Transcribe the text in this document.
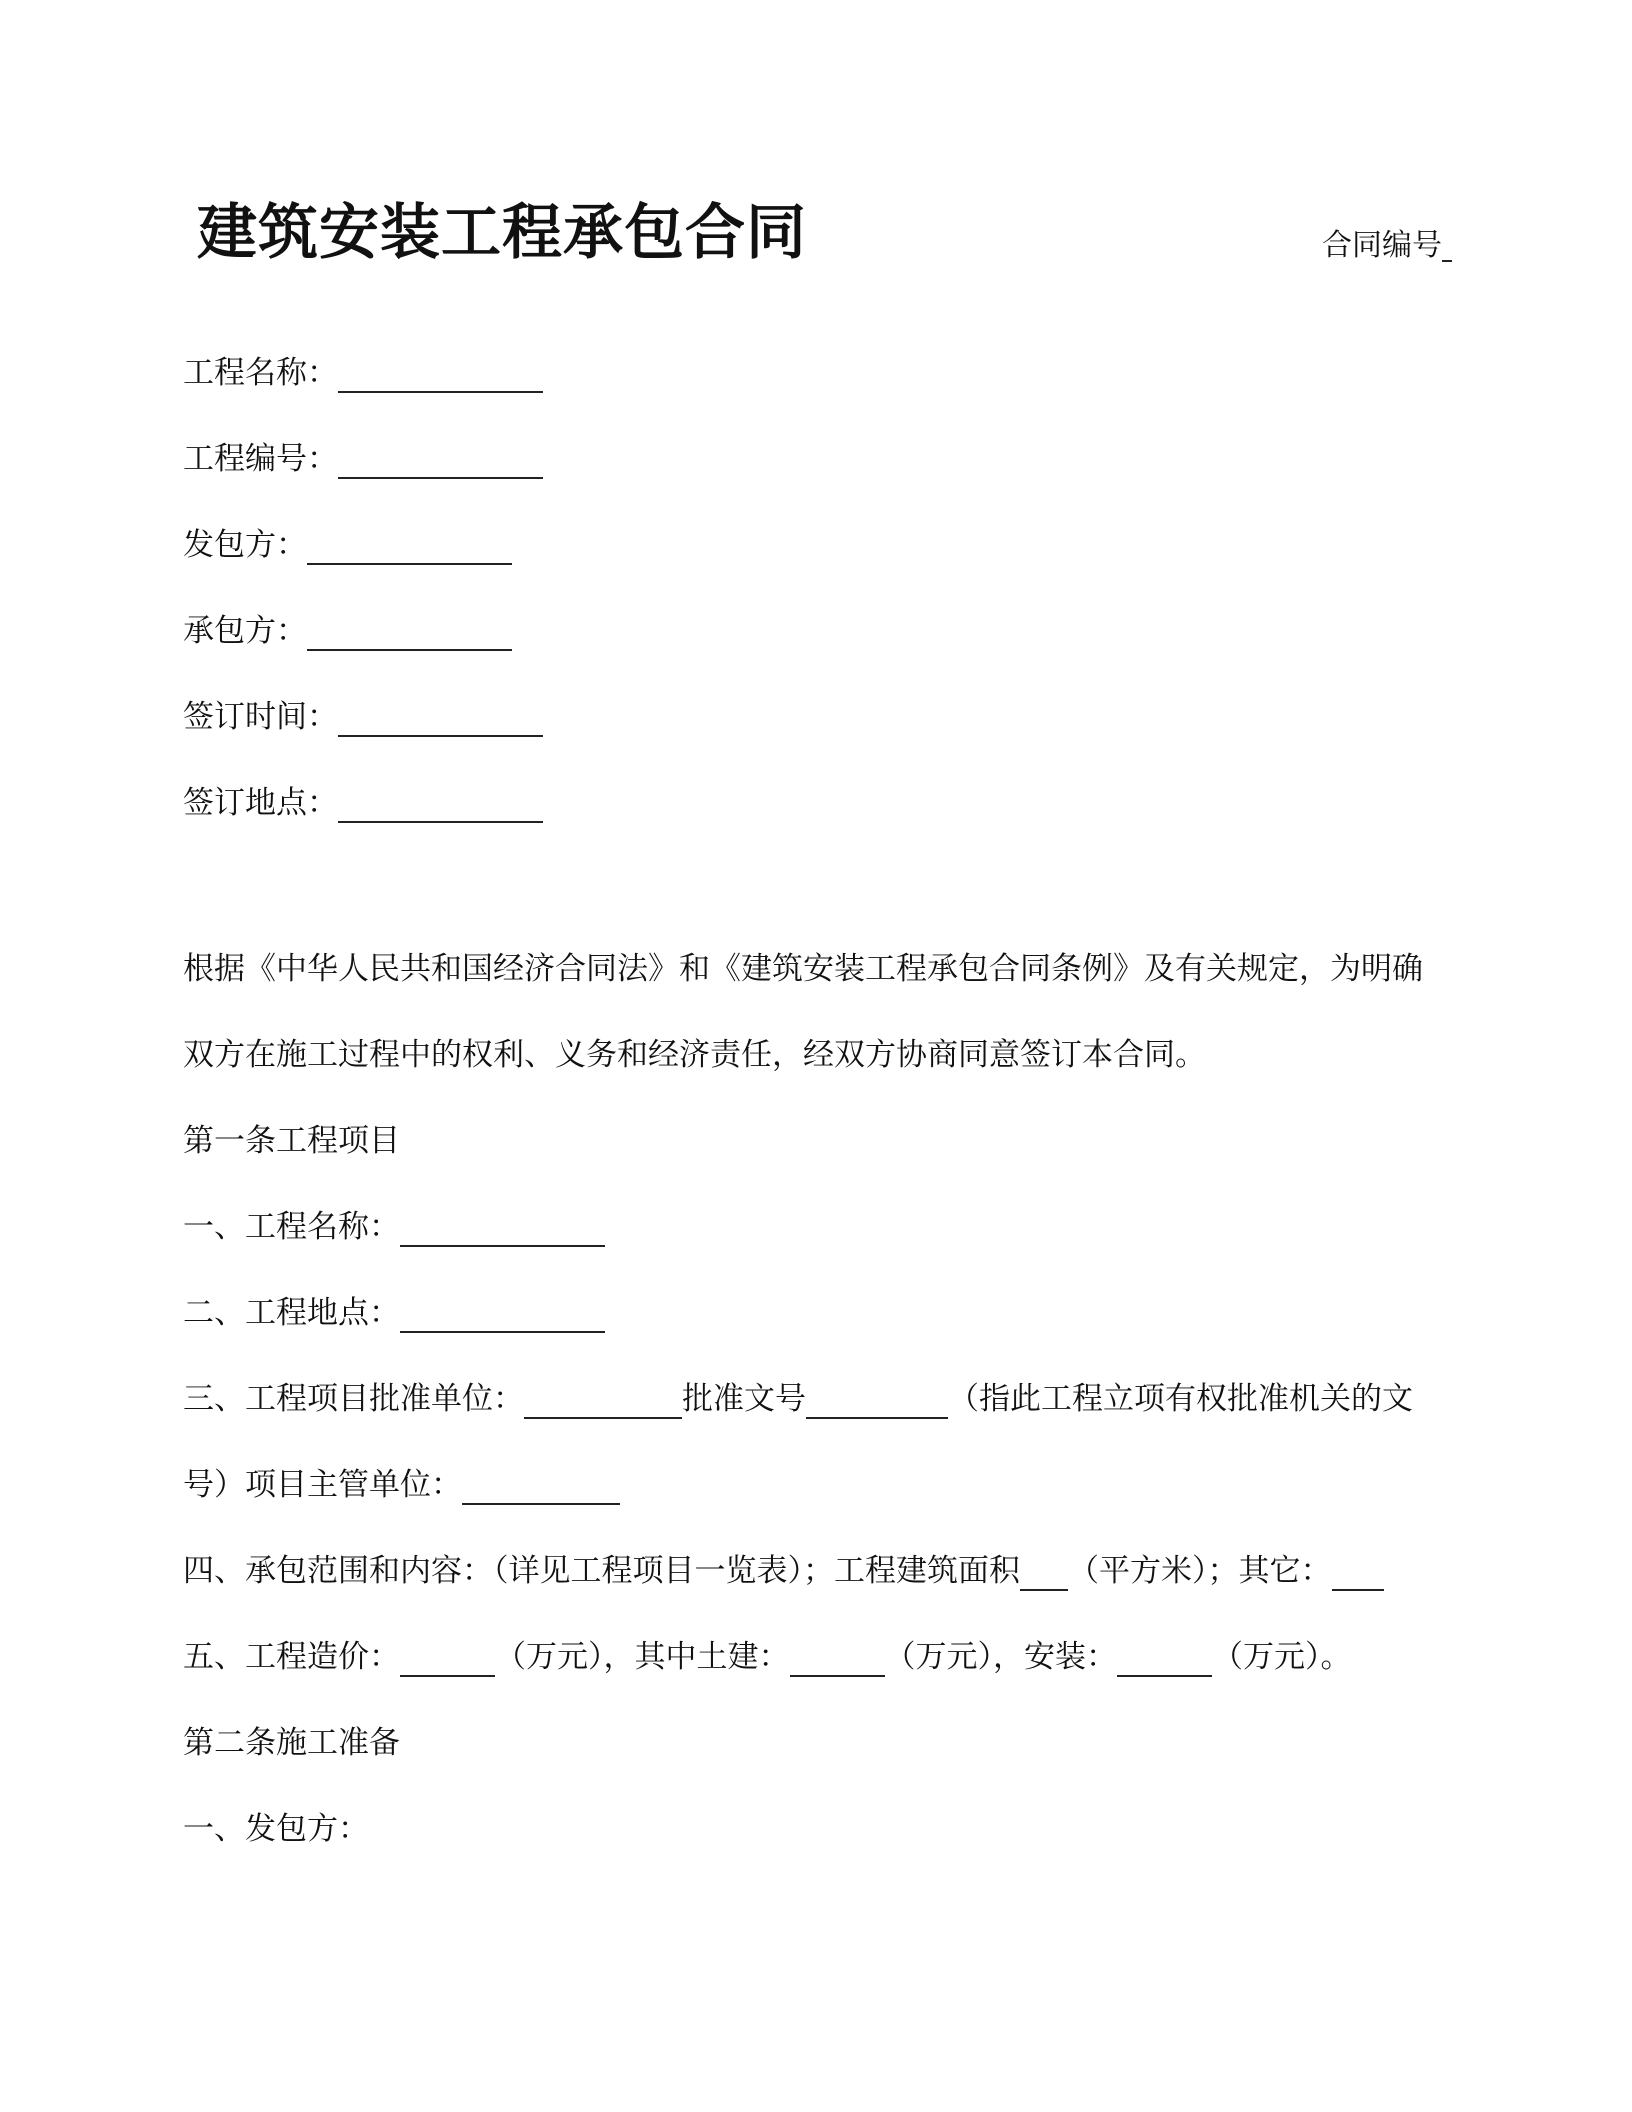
建筑安装工程承包合同	合同编号
工程名称：
工程编号：
发包方：
承包方：
签订时间：
签订地点：
根据《中华人民共和国经济合同法》和《建筑安装工程承包合同条例》及有关规定，为明确
双方在施工过程中的权利、义务和经济责任，经双方协商同意签订本合同。
第一条工程项目
一、工程名称：
二、工程地点：
三、工程项目批准单位：	批准文号	（指此工程立项有权批准机关的文
号）项目主管单位：
四、承包范围和内容：（详见工程项目一览表）；工程建筑面积 （平方米）；其它：
五、工程造价：	（万元），其中土建：	（万元），安装：	（万元）。
第二条施工准备
一、发包方：
